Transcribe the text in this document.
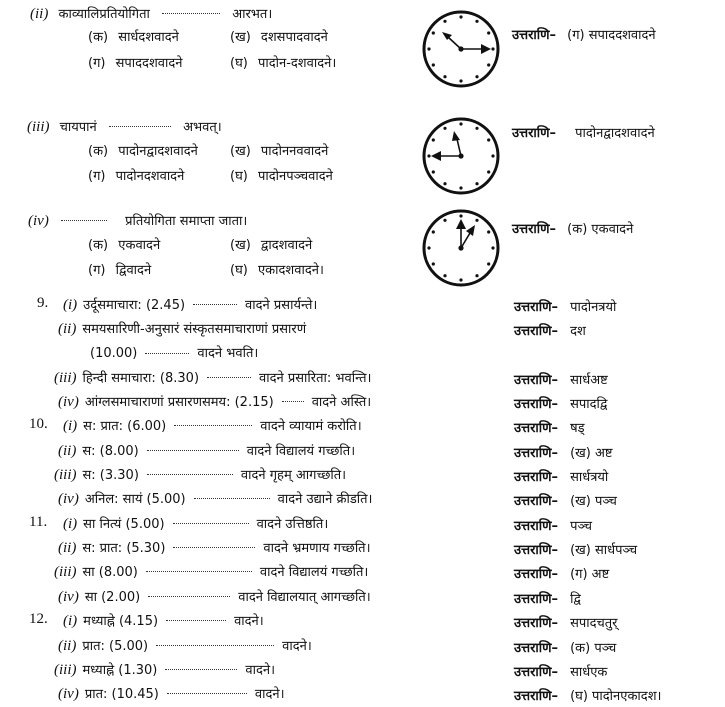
(ii) काव्यालिप्रतियोगिता	आरभत।
(क) सार्धदशवादने	(ख) दशसपादवादने
(ग) सपाददशवादने	(घ) पादोन-दशवादने।
उत्तराणि– (ग) सपाददशवादने
(iii) चायपानं	अभवत्।
(क) पादोनद्वादशवादने (ख) पादोननववादने
(ग) पादोनदशवादने	(घ) पादोनपञ्चवादने
उत्तराणि– पादोनद्वादशवादने
(iv)	प्रतियोगिता समाप्ता जाता।
(क) एकवादने	(ख) द्वादशवादने
(ग) द्विवादने	(घ) एकादशवादने।
उत्तराणि– (क) एकवादने
9. (i) उर्दूसमाचारा: (2.45)	वादने प्रसार्यन्ते।	उत्तराणि– पादोनत्रयो
(ii) समयसारिणी-अनुसारं संस्कृतसमाचाराणां प्रसारणं	उत्तराणि– दश
(10.00)	वादने भवति।
(iii) हिन्दी समाचारा: (8.30)	वादने प्रसारिता: भवन्ति।	उत्तराणि– सार्धअष्ट
(iv) आंग्लसमाचाराणां प्रसारणसमय: (2.15)	वादने अस्ति।	उत्तराणि– सपादद्वि
10. (i) स: प्रात: (6.00)	वादने व्यायामं करोति।	उत्तराणि– षड्
(ii) स: (8.00)	वादने विद्यालयं गच्छति।	उत्तराणि– (ख) अष्ट
(iii) स: (3.30)	वादने गृहम् आगच्छति।	उत्तराणि– सार्धत्रयो
(iv) अनिल: सायं (5.00)	वादने उद्याने क्रीडति।	उत्तराणि– (ख) पञ्च
11. (i) सा नित्यं (5.00)	वादने उत्तिष्ठति।	उत्तराणि– पञ्च
(ii) स: प्रात: (5.30)	वादने भ्रमणाय गच्छति।	उत्तराणि– (ख) सार्धपञ्च
(iii) सा (8.00)	वादने विद्यालयं गच्छति।	उत्तराणि– (ग) अष्ट
(iv) सा (2.00)	वादने विद्यालयात् आगच्छति।	उत्तराणि– द्वि
12. (i) मध्याह्ने (4.15)	वादने।	उत्तराणि– सपादचतुर्
(ii) प्रात: (5.00)	वादने।	उत्तराणि– (क) पञ्च
(iii) मध्याह्ने (1.30)	वादने।	उत्तराणि– सार्धएक
(iv) प्रात: (10.45)	वादने।	उत्तराणि– (घ) पादोनएकादश।
